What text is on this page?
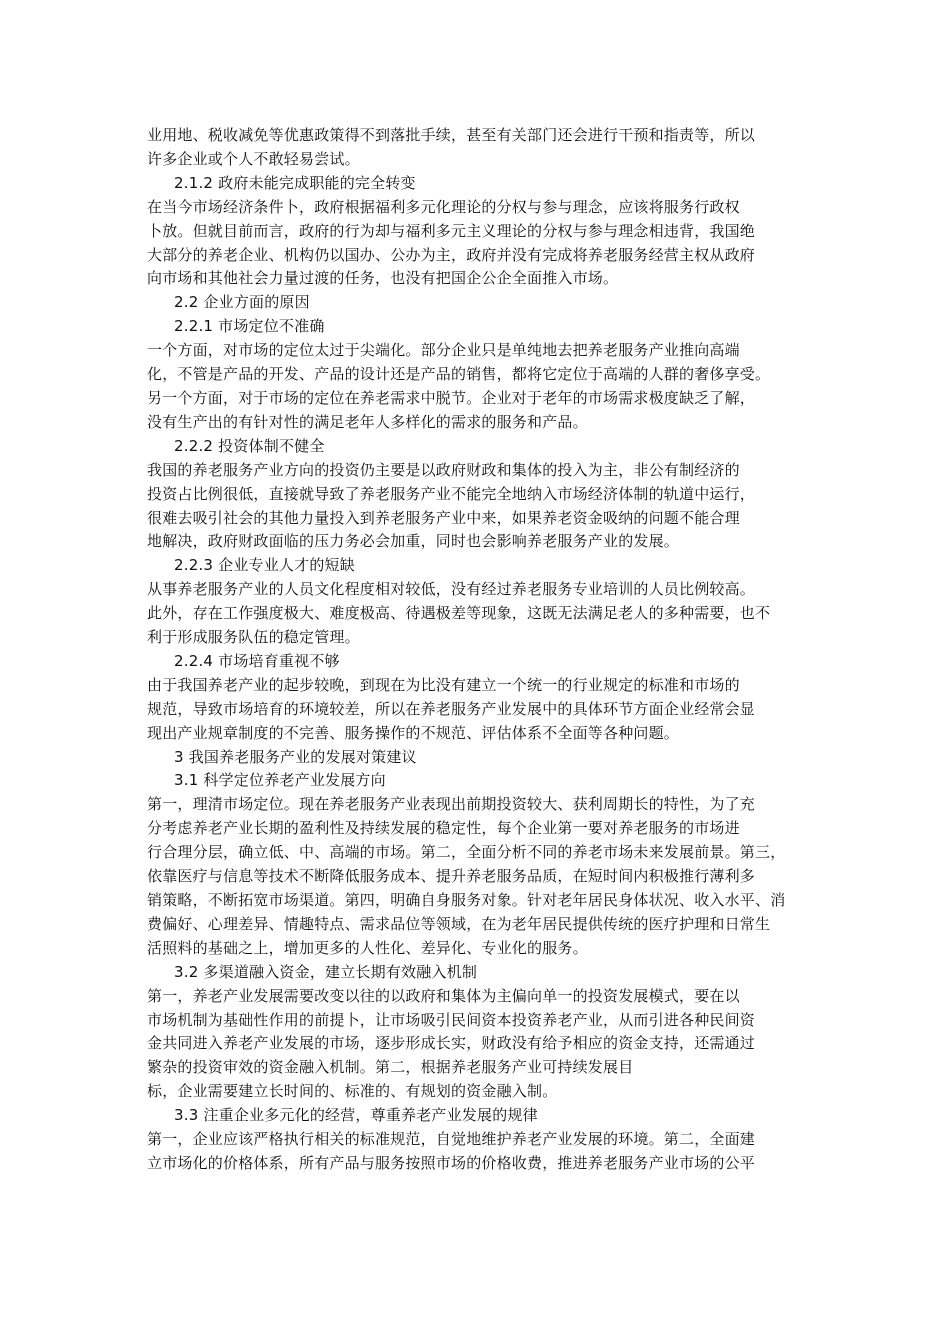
业用地、税收减免等优惠政策得不到落批手续，甚至有关部门还会进行干预和指责等，所以

许多企业或个人不敢轻易尝试。

2.1.2 政府未能完成职能的完全转变

在当今市场经济条件卜，政府根据福利多元化理论的分权与参与理念，应该将服务行政权

卜放。但就目前而言，政府的行为却与福利多元主义理论的分权与参与理念相违背，我国绝

大部分的养老企业、机构仍以国办、公办为主，政府并没有完成将养老服务经营主权从政府

向市场和其他社会力量过渡的任务，也没有把国企公企全面推入市场。

2.2 企业方面的原因

2.2.1 市场定位不准确

一个方面，对市场的定位太过于尖端化。部分企业只是单纯地去把养老服务产业推向高端

化，不管是产品的开发、产品的设计还是产品的销售，都将它定位于高端的人群的奢侈享受。

另一个方面，对于市场的定位在养老需求中脱节。企业对于老年的市场需求极度缺乏了解，

没有生产出的有针对性的满足老年人多样化的需求的服务和产品。

2.2.2 投资体制不健全

我国的养老服务产业方向的投资仍主要是以政府财政和集体的投入为主，非公有制经济的

投资占比例很低，直接就导致了养老服务产业不能完全地纳入市场经济体制的轨道中运行，

很难去吸引社会的其他力量投入到养老服务产业中来，如果养老资金吸纳的问题不能合理

地解决，政府财政面临的压力务必会加重，同时也会影响养老服务产业的发展。

2.2.3 企业专业人才的短缺

从事养老服务产业的人员文化程度相对较低，没有经过养老服务专业培训的人员比例较高。

此外，存在工作强度极大、难度极高、待遇极差等现象，这既无法满足老人的多种需要，也不

利于形成服务队伍的稳定管理。

2.2.4 市场培育重视不够

由于我国养老产业的起步较晚，到现在为比没有建立一个统一的行业规定的标准和市场的

规范，导致市场培育的环境较差，所以在养老服务产业发展中的具体环节方面企业经常会显

现出产业规章制度的不完善、服务操作的不规范、评估体系不全面等各种问题。

3 我国养老服务产业的发展对策建议

3.1 科学定位养老产业发展方向

第一，理清市场定位。现在养老服务产业表现出前期投资较大、获利周期长的特性，为了充

分考虑养老产业长期的盈利性及持续发展的稳定性，每个企业第一要对养老服务的市场进

行合理分层，确立低、中、高端的市场。第二，全面分析不同的养老市场未来发展前景。第三，

依靠医疗与信息等技术不断降低服务成本、提升养老服务品质，在短时间内积极推行薄利多

销策略，不断拓宽市场渠道。第四，明确自身服务对象。针对老年居民身体状况、收入水平、消

费偏好、心理差异、情趣特点、需求品位等领域，在为老年居民提供传统的医疗护理和日常生

活照料的基础之上，增加更多的人性化、差异化、专业化的服务。

3.2 多渠道融入资金，建立长期有效融入机制

第一，养老产业发展需要改变以往的以政府和集体为主偏向单一的投资发展模式，要在以

市场机制为基础性作用的前提卜，让市场吸引民间资本投资养老产业，从而引进各种民间资

金共同进入养老产业发展的市场，逐步形成长实，财政没有给予相应的资金支持，还需通过

繁杂的投资审效的资金融入机制。第二，根据养老服务产业可持续发展目

标，企业需要建立长时间的、标准的、有规划的资金融入制。

3.3 注重企业多元化的经营，尊重养老产业发展的规律

第一，企业应该严格执行相关的标准规范，自觉地维护养老产业发展的环境。第二，全面建

立市场化的价格体系，所有产品与服务按照市场的价格收费，推进养老服务产业市场的公平
